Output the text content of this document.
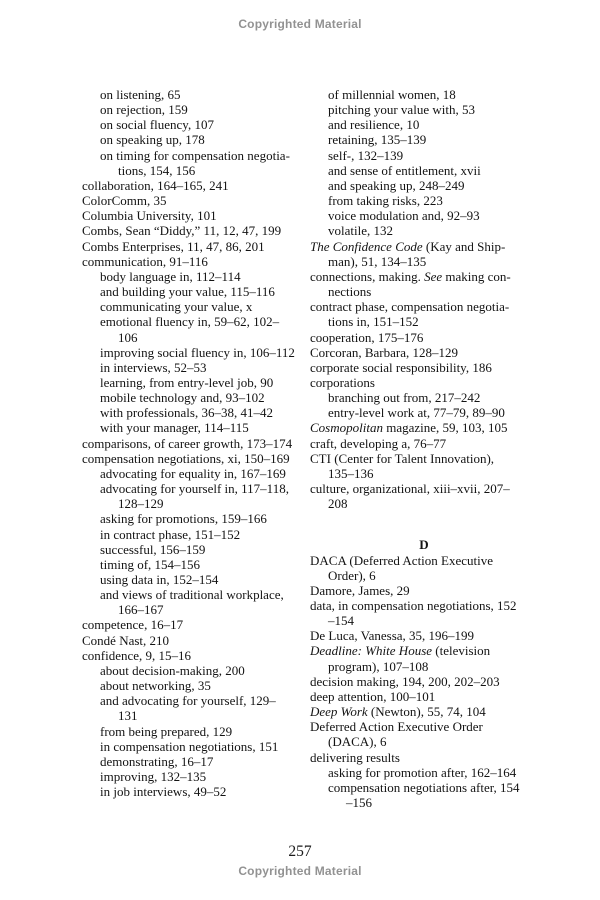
Copyrighted Material
on listening, 65
on rejection, 159
on social fluency, 107
on speaking up, 178
on timing for compensation negotia-
tions, 154, 156
collaboration, 164–165, 241
ColorComm, 35
Columbia University, 101
Combs, Sean “Diddy,” 11, 12, 47, 199
Combs Enterprises, 11, 47, 86, 201
communication, 91–116
body language in, 112–114
and building your value, 115–116
communicating your value, x
emotional fluency in, 59–62, 102–
106
improving social fluency in, 106–112
in interviews, 52–53
learning, from entry-level job, 90
mobile technology and, 93–102
with professionals, 36–38, 41–42
with your manager, 114–115
comparisons, of career growth, 173–174
compensation negotiations, xi, 150–169
advocating for equality in, 167–169
advocating for yourself in, 117–118,
128–129
asking for promotions, 159–166
in contract phase, 151–152
successful, 156–159
timing of, 154–156
using data in, 152–154
and views of traditional workplace,
166–167
competence, 16–17
Condé Nast, 210
confidence, 9, 15–16
about decision-making, 200
about networking, 35
and advocating for yourself, 129–
131
from being prepared, 129
in compensation negotiations, 151
demonstrating, 16–17
improving, 132–135
in job interviews, 49–52
of millennial women, 18
pitching your value with, 53
and resilience, 10
retaining, 135–139
self-, 132–139
and sense of entitlement, xvii
and speaking up, 248–249
from taking risks, 223
voice modulation and, 92–93
volatile, 132
The Confidence Code (Kay and Ship-
man), 51, 134–135
connections, making. See making con-
nections
contract phase, compensation negotia-
tions in, 151–152
cooperation, 175–176
Corcoran, Barbara, 128–129
corporate social responsibility, 186
corporations
branching out from, 217–242
entry-level work at, 77–79, 89–90
Cosmopolitan magazine, 59, 103, 105
craft, developing a, 76–77
CTI (Center for Talent Innovation),
135–136
culture, organizational, xiii–xvii, 207–
208
D
DACA (Deferred Action Executive
Order), 6
Damore, James, 29
data, in compensation negotiations, 152
–154
De Luca, Vanessa, 35, 196–199
Deadline: White House (television
program), 107–108
decision making, 194, 200, 202–203
deep attention, 100–101
Deep Work (Newton), 55, 74, 104
Deferred Action Executive Order
(DACA), 6
delivering results
asking for promotion after, 162–164
compensation negotiations after, 154
–156
257
Copyrighted Material
